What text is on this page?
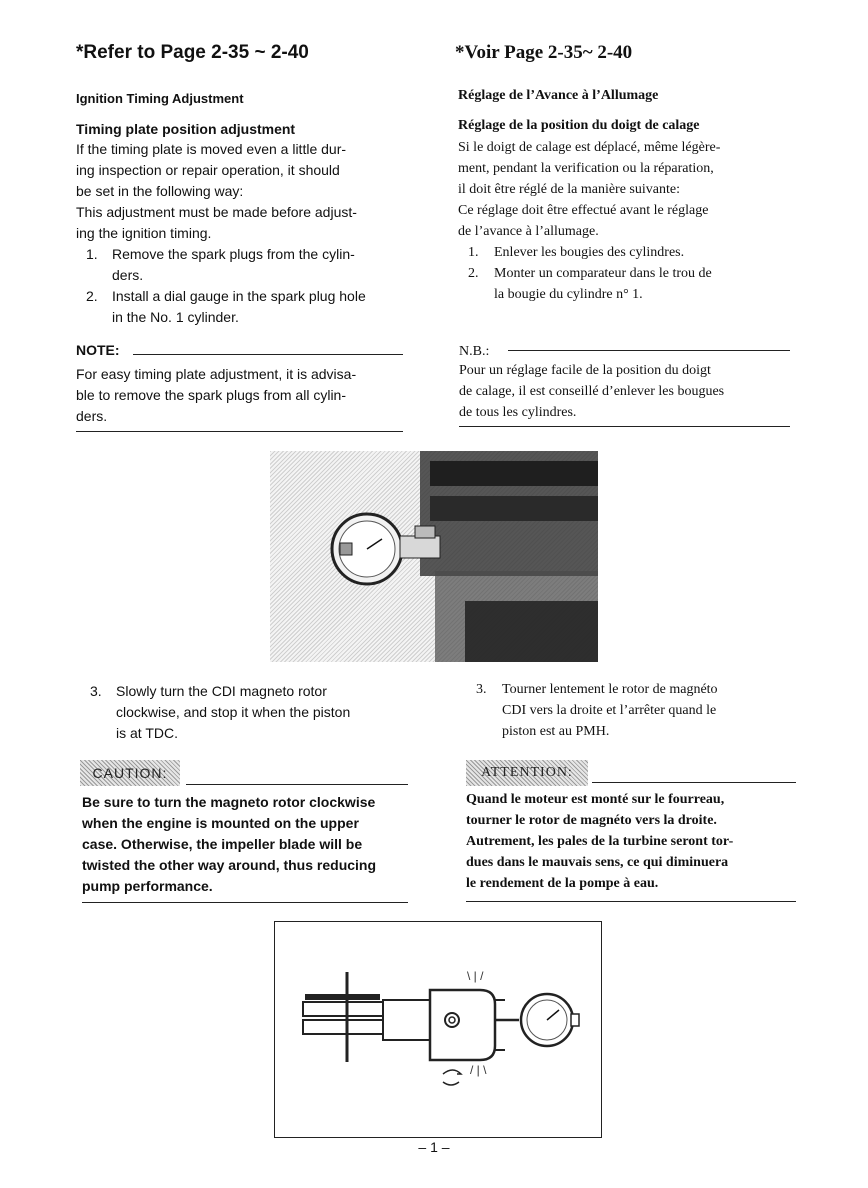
*Refer to Page 2-35 ~ 2-40
Ignition Timing Adjustment
Timing plate position adjustment
If the timing plate is moved even a little dur-
ing inspection or repair operation, it should
be set in the following way:
This adjustment must be made before adjust-
ing the ignition timing.
1. Remove the spark plugs from the cylin-
ders.
2. Install a dial gauge in the spark plug hole
in the No. 1 cylinder.
NOTE:
For easy timing plate adjustment, it is advisa-
ble to remove the spark plugs from all cylin-
ders.
*Voir Page 2-35~ 2-40
Réglage de l’Avance à l’Allumage
Réglage de la position du doigt de calage
Si le doigt de calage est déplacé, même légère-
ment, pendant la verification ou la réparation,
il doit être réglé de la manière suivante:
Ce réglage doit être effectué avant le réglage
de l’avance à l’allumage.
1. Enlever les bougies des cylindres.
2. Monter un comparateur dans le trou de
la bougie du cylindre n° 1.
N.B.:
Pour un réglage facile de la position du doigt
de calage, il est conseillé d’enlever les bougues
de tous les cylindres.
3. Slowly turn the CDI magneto rotor
clockwise, and stop it when the piston
is at TDC.
3. Tourner lentement le rotor de magnéto
CDI vers la droite et l’arrêter quand le
piston est au PMH.
CAUTION:
Be sure to turn the magneto rotor clockwise
when the engine is mounted on the upper
case. Otherwise, the impeller blade will be
twisted the other way around, thus reducing
pump performance.
ATTENTION:
Quand le moteur est monté sur le fourreau,
tourner le rotor de magnéto vers la droite.
Autrement, les pales de la turbine seront tor-
dues dans le mauvais sens, ce qui diminuera
le rendement de la pompe à eau.
\ | /
/ | \
– 1 –
